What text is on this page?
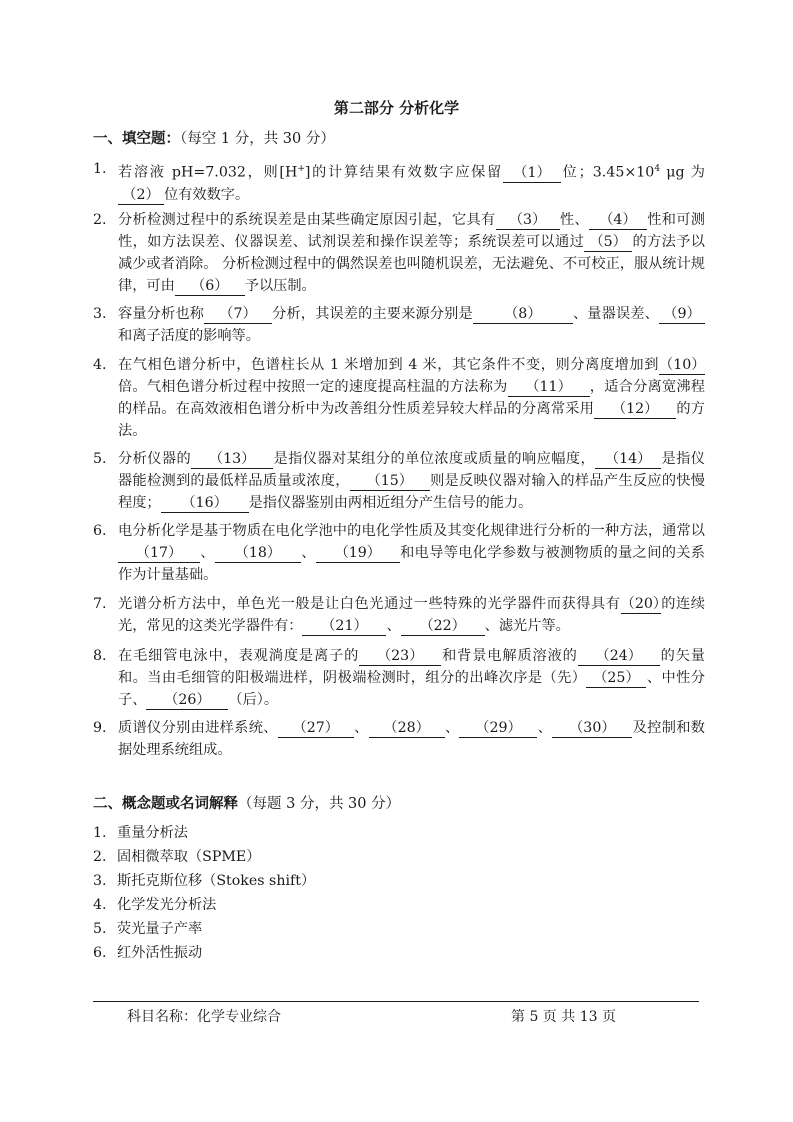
第二部分 分析化学
一、填空题：（每空 1 分，共 30 分）
1. 若溶液 pH=7.032，则[H+]的计算结果有效数字应保留 （1） 位；$3.45\times 10^4$ μg 为（2） 位有效数字。
2. 分析检测过程中的系统误差是由某些确定原因引起，它具有 （3） 性、 （4） 性和可测性，如方法误差、仪器误差、试剂误差和操作误差等；系统误差可以通过 （5） 的方法予以减少或者消除。 分析检测过程中的偶然误差也叫随机误差，无法避免、不可校正，服从统计规律，可由 （6） 予以压制。
3. 容量分析也称 （7） 分析，其误差的主要来源分别是 （8） 、量器误差、 （9）和离子活度的影响等。
4. 在气相色谱分析中，色谱柱长从 1 米增加到 4 米，其它条件不变，则分离度增加到（10）倍。气相色谱分析过程中按照一定的速度提高柱温的方法称为 （11） ，适合分离宽沸程的样品。在高效液相色谱分析中为改善组分性质差异较大样品的分离常采用 （12） 的方法。
5. 分析仪器的 （13） 是指仪器对某组分的单位浓度或质量的响应幅度， （14） 是指仪器能检测到的最低样品质量或浓度， （15） 则是反映仪器对输入的样品产生反应的快慢程度； （16） 是指仪器鉴别由两相近组分产生信号的能力。
6. 电分析化学是基于物质在电化学池中的电化学性质及其变化规律进行分析的一种方法，通常以（17） 、 （18） 、 （19） 和电导等电化学参数与被测物质的量之间的关系作为计量基础。
7. 光谱分析方法中，单色光一般是让白色光通过一些特殊的光学器件而获得具有（20）的连续光，常见的这类光学器件有： （21） 、 （22） 、滤光片等。
8. 在毛细管电泳中，表观淌度是离子的 （23） 和背景电解质溶液的 （24） 的矢量和。当由毛细管的阳极端进样，阴极端检测时，组分的出峰次序是（先） （25） 、中性分子、 （26） （后）。
9. 质谱仪分别由进样系统、 （27） 、 （28） 、 （29） 、 （30） 及控制和数据处理系统组成。
二、概念题或名词解释（每题 3 分，共 30 分）
1. 重量分析法
2. 固相微萃取（SPME）
3. 斯托克斯位移（Stokes shift）
4. 化学发光分析法
5. 荧光量子产率
6. 红外活性振动
科目名称：化学专业综合	第 5 页 共 13 页
